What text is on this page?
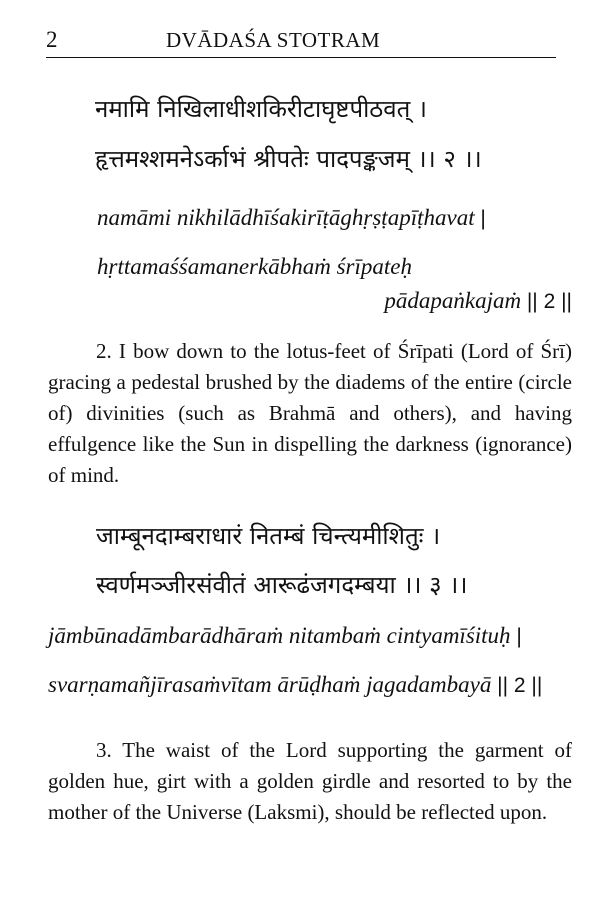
2	DVĀDAŚA STOTRAM
नमामि निखिलाधीशकिरीटाघृष्टपीठवत् ।
हृत्तमश्शमनेऽर्काभं श्रीपतेः पादपङ्कजम् ।। २ ।।
namāmi nikhilādhīśakirīṭāghṛṣṭapīṭhavat |
hṛttamaśśamanerkābhaṁ śrīpateḥ
pādapaṅkajaṁ || 2 ||

2. I bow down to the lotus-feet of Śrīpati (Lord of Śrī) gracing a pedestal brushed by the diadems of the entire (circle of) divinities (such as Brahmā and others), and having effulgence like the Sun in dispelling the darkness (ignorance) of mind.

जाम्बूनदाम्बराधारं नितम्बं चिन्त्यमीशितुः ।
स्वर्णमञ्जीरसंवीतं आरूढंजगदम्बया ।। ३ ।।
jāmbūnadāmbarādhāraṁ nitambaṁ cintyamīśituḥ |
svarṇamañjīrasaṁvītam ārūḍhaṁ jagadambayā || 2 ||

3. The waist of the Lord supporting the garment of golden hue, girt with a golden girdle and resorted to by the mother of the Universe (Laksmi), should be reflected upon.
